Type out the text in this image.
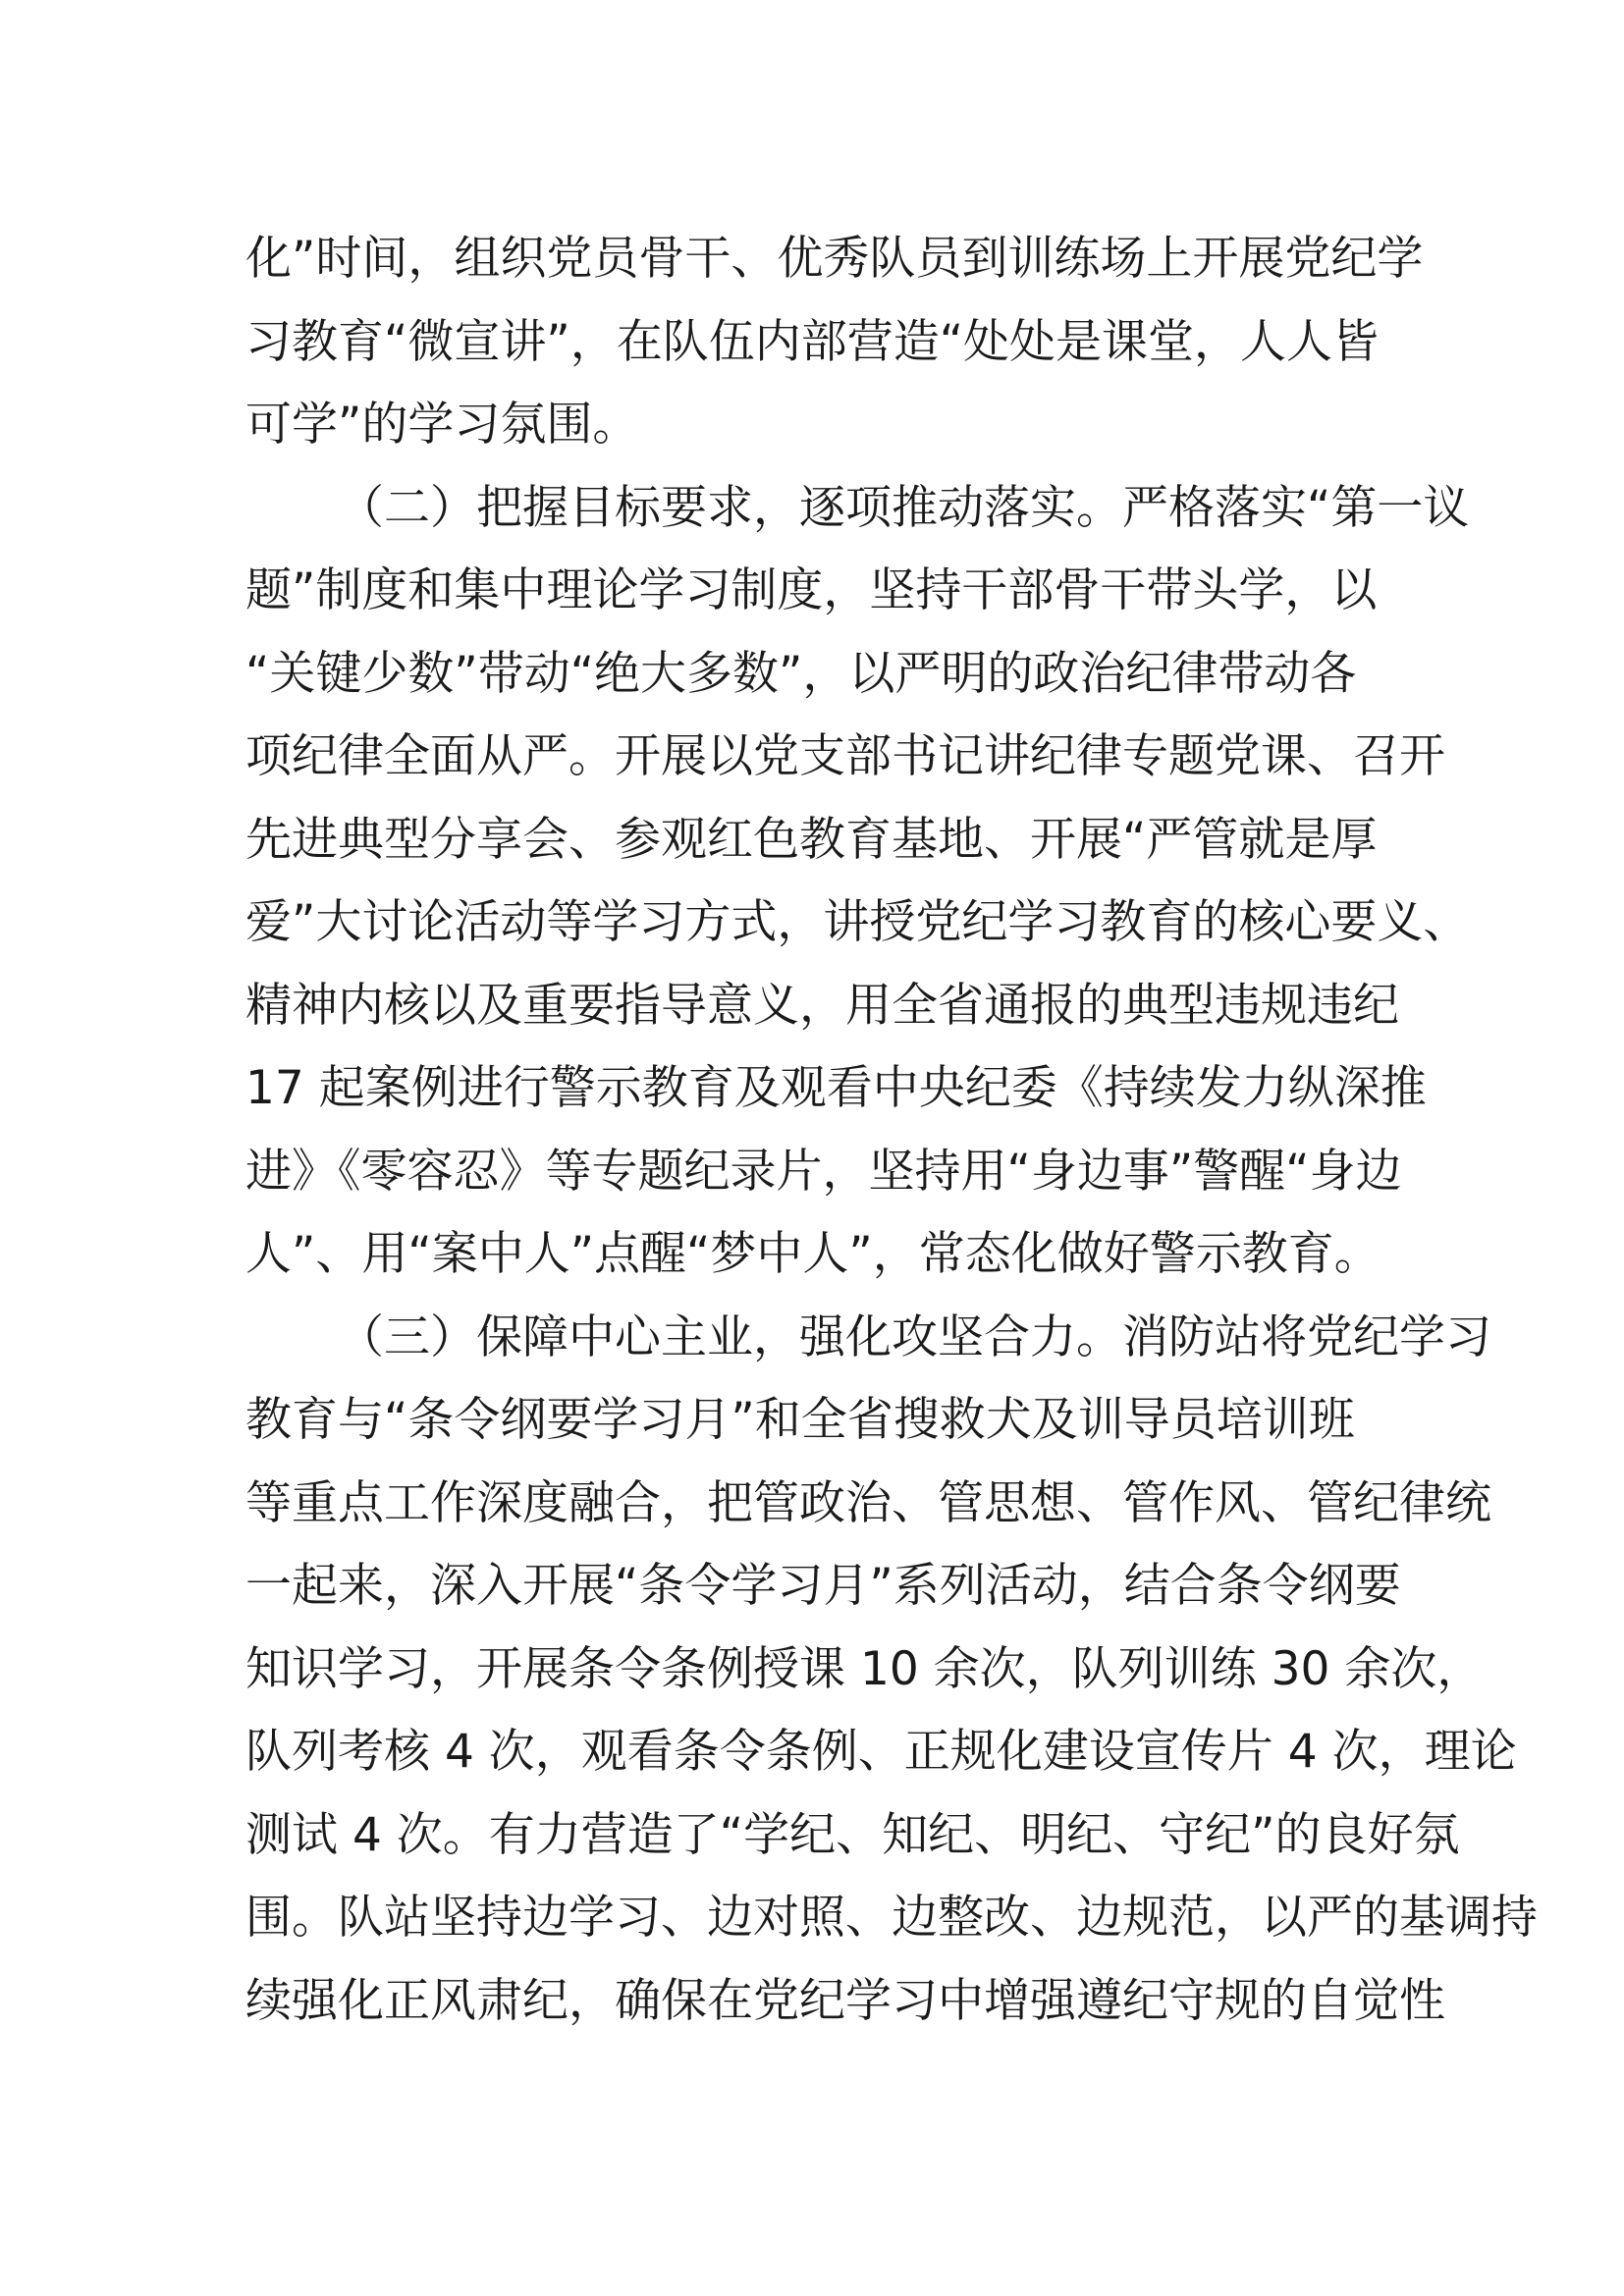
化”时间，组织党员骨干、优秀队员到训练场上开展党纪学
习教育“微宣讲”，在队伍内部营造“处处是课堂，人人皆
可学”的学习氛围。
（二）把握目标要求，逐项推动落实。严格落实“第一议
题”制度和集中理论学习制度，坚持干部骨干带头学，以
“关键少数”带动“绝大多数”，以严明的政治纪律带动各
项纪律全面从严。开展以党支部书记讲纪律专题党课、召开
先进典型分享会、参观红色教育基地、开展“严管就是厚
爱”大讨论活动等学习方式，讲授党纪学习教育的核心要义、
精神内核以及重要指导意义，用全省通报的典型违规违纪
17 起案例进行警示教育及观看中央纪委《持续发力纵深推
进》《零容忍》等专题纪录片，坚持用“身边事”警醒“身边
人”、用“案中人”点醒“梦中人”，常态化做好警示教育。
（三）保障中心主业，强化攻坚合力。消防站将党纪学习
教育与“条令纲要学习月”和全省搜救犬及训导员培训班
等重点工作深度融合，把管政治、管思想、管作风、管纪律统
一起来，深入开展“条令学习月”系列活动，结合条令纲要
知识学习，开展条令条例授课 10 余次，队列训练 30 余次，
队列考核 4 次，观看条令条例、正规化建设宣传片 4 次，理论
测试 4 次。有力营造了“学纪、知纪、明纪、守纪”的良好氛
围。队站坚持边学习、边对照、边整改、边规范，以严的基调持
续强化正风肃纪，确保在党纪学习中增强遵纪守规的自觉性
